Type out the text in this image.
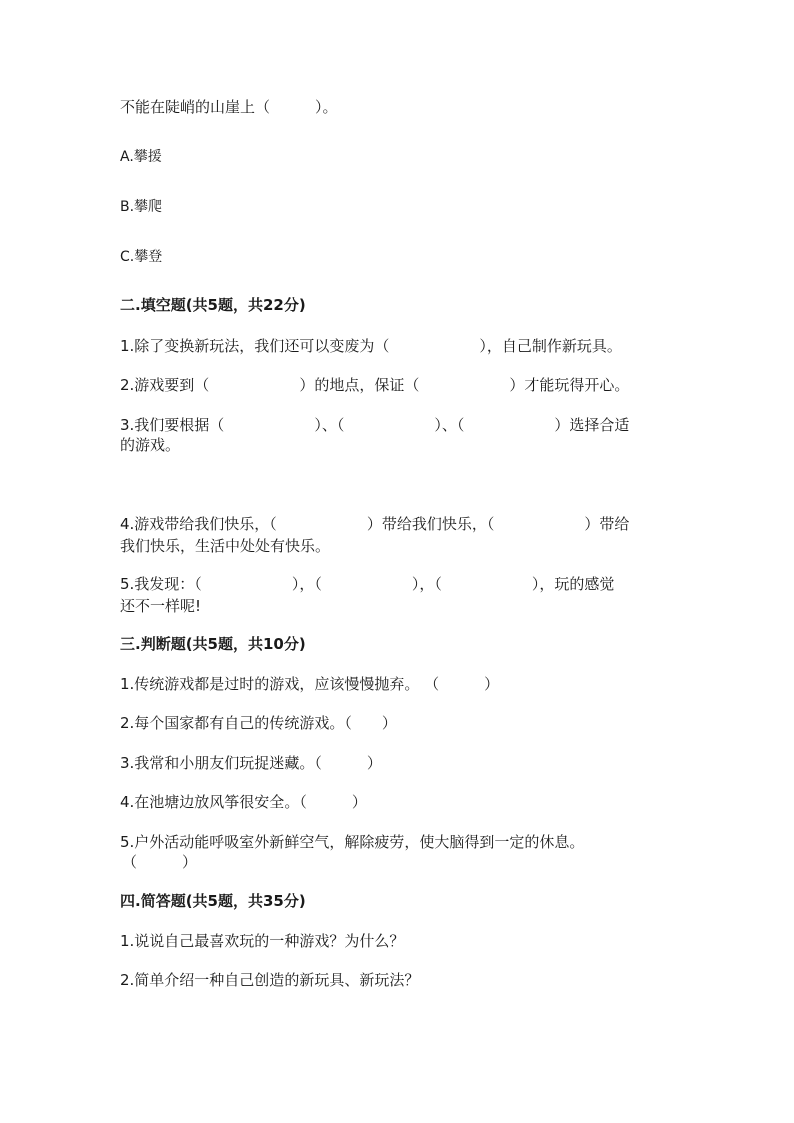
不能在陡峭的山崖上（　　　）。
A.攀援
B.攀爬
C.攀登
二.填空题(共5题，共22分)
1.除了变换新玩法，我们还可以变废为（　　　　　　），自己制作新玩具。
2.游戏要到（　　　　　　）的地点，保证（　　　　　　）才能玩得开心。
3.我们要根据（　　　　　　）、（　　　　　　）、（　　　　　　）选择合适
的游戏。
4.游戏带给我们快乐，（　　　　　　）带给我们快乐，（　　　　　　）带给
我们快乐，生活中处处有快乐。
5.我发现：（　　　　　　），（　　　　　　），（　　　　　　），玩的感觉
还不一样呢!
三.判断题(共5题，共10分)
1.传统游戏都是过时的游戏，应该慢慢抛弃。 （　　　）
2.每个国家都有自己的传统游戏。（　　）
3.我常和小朋友们玩捉迷藏。（　　　）
4.在池塘边放风筝很安全。（　　　）
5.户外活动能呼吸室外新鲜空气，解除疲劳，使大脑得到一定的休息。
（　　　）
四.简答题(共5题，共35分)
1.说说自己最喜欢玩的一种游戏？为什么？
2.简单介绍一种自己创造的新玩具、新玩法？
